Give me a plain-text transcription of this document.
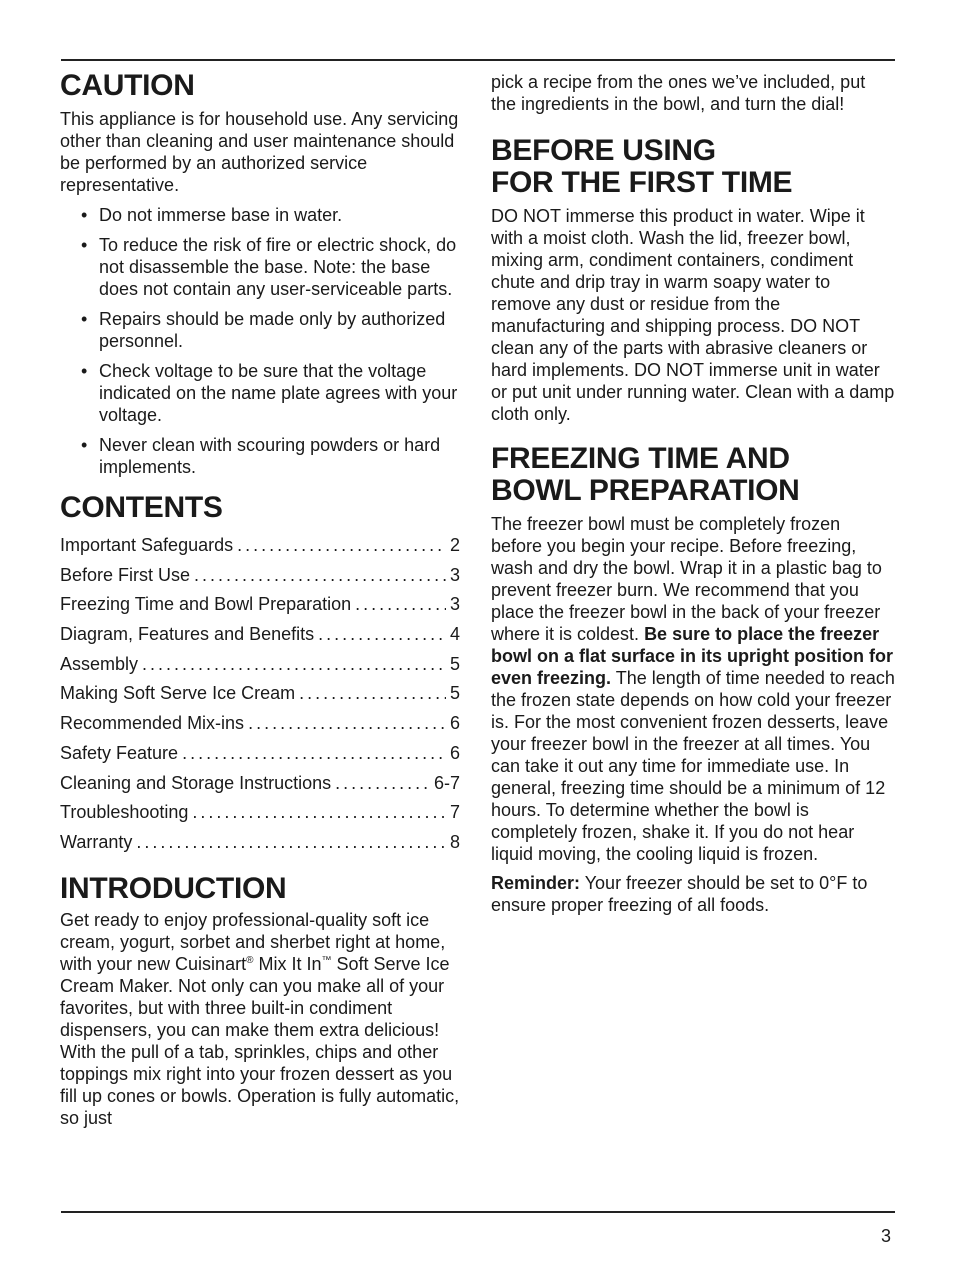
CAUTION

This appliance is for household use. Any servicing other than cleaning and user maintenance should be performed by an authorized service representative.

• Do not immerse base in water.
• To reduce the risk of fire or electric shock, do not disassemble the base. Note: the base does not contain any user-serviceable parts.
• Repairs should be made only by authorized personnel.
• Check voltage to be sure that the voltage indicated on the name plate agrees with your voltage.
• Never clean with scouring powders or hard implements.
CONTENTS
Important Safeguards .....	2
Before First Use .....	3
Freezing Time and Bowl Preparation .....	3
Diagram, Features and Benefits .....	4
Assembly .....	5
Making Soft Serve Ice Cream .....	5
Recommended Mix-ins .....	6
Safety Feature .....	6
Cleaning and Storage Instructions .....	6-7
Troubleshooting .....	7
Warranty .....	8
INTRODUCTION

Get ready to enjoy professional-quality soft ice cream, yogurt, sorbet and sherbet right at home, with your new Cuisinart® Mix It In™ Soft Serve Ice Cream Maker. Not only can you make all of your favorites, but with three built-in condiment dispensers, you can make them extra delicious! With the pull of a tab, sprinkles, chips and other toppings mix right into your frozen dessert as you fill up cones or bowls. Operation is fully automatic, so just

pick a recipe from the ones we’ve included, put the ingredients in the bowl, and turn the dial!

BEFORE USING
FOR THE FIRST TIME

DO NOT immerse this product in water. Wipe it with a moist cloth. Wash the lid, freezer bowl, mixing arm, condiment containers, condiment chute and drip tray in warm soapy water to remove any dust or residue from the manufacturing and shipping process. DO NOT clean any of the parts with abrasive cleaners or hard implements. DO NOT immerse unit in water or put unit under running water. Clean with a damp cloth only.

FREEZING TIME AND
BOWL PREPARATION

The freezer bowl must be completely frozen before you begin your recipe. Before freezing, wash and dry the bowl. Wrap it in a plastic bag to prevent freezer burn. We recommend that you place the freezer bowl in the back of your freezer where it is coldest. Be sure to place the freezer bowl on a flat surface in its upright position for even freezing. The length of time needed to reach the frozen state depends on how cold your freezer is. For the most convenient frozen desserts, leave your freezer bowl in the freezer at all times. You can take it out any time for immediate use. In general, freezing time should be a minimum of 12 hours. To determine whether the bowl is completely frozen, shake it. If you do not hear liquid moving, the cooling liquid is frozen.

Reminder: Your freezer should be set to 0°F to ensure proper freezing of all foods.

3
